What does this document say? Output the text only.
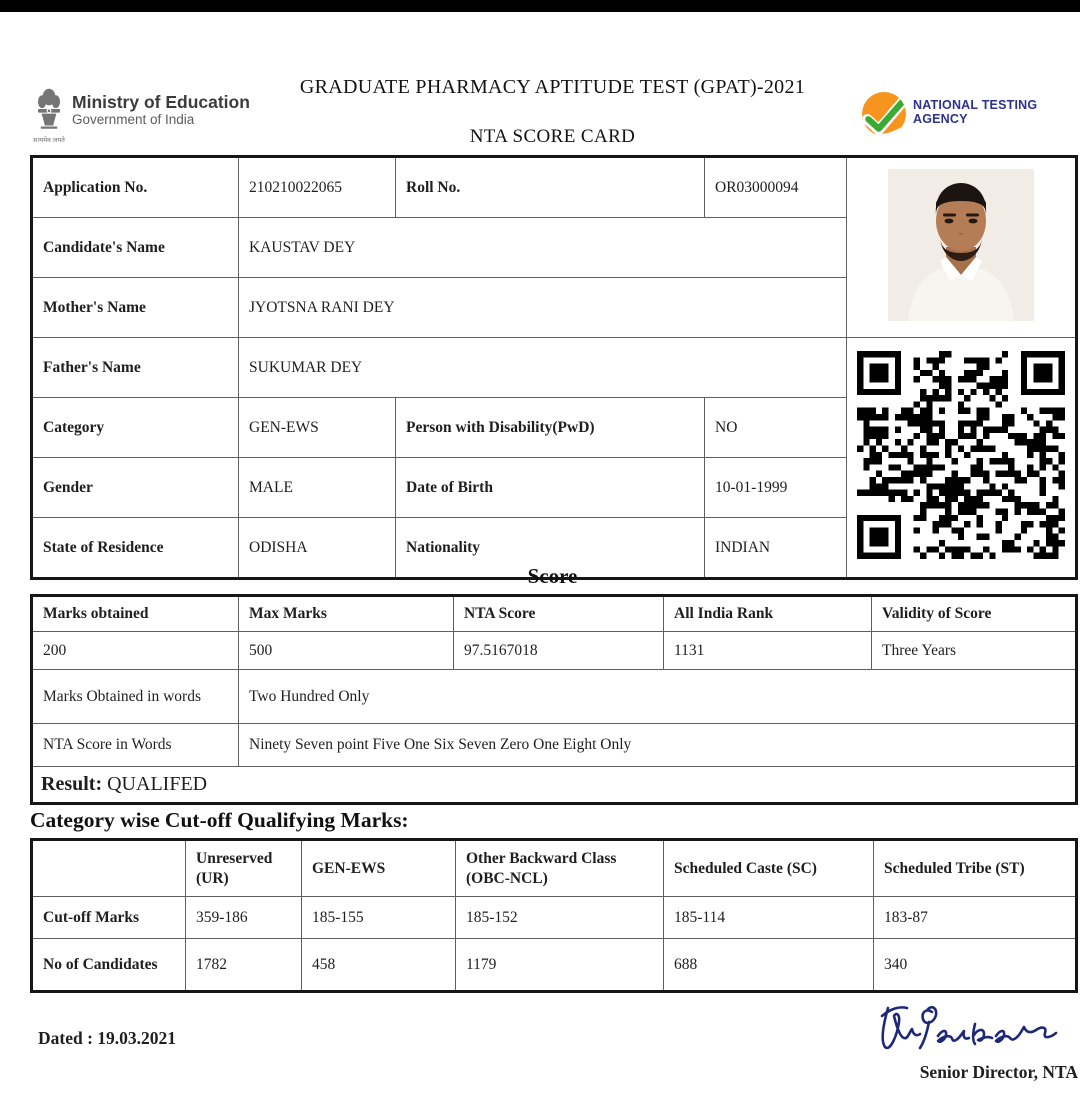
सत्यमेव जयते
Ministry of Education
Government of India
GRADUATE PHARMACY APTITUDE TEST (GPAT)-2021
NTA SCORE CARD
NATIONAL TESTING AGENCY
Excellence in Assessment
Application No.	210210022065	Roll No.	OR03000094	
Candidate's Name	KAUSTAV DEY			
Mother's Name	JYOTSNA RANI DEY			
Father's Name	SUKUMAR DEY	
Category	GEN-EWS	Person with Disability(PwD)	NO	
Gender	MALE	Date of Birth	10-01-1999	
State of Residence	ODISHA	Nationality	INDIAN	
Score
Marks obtained	Max Marks	NTA Score	All India Rank	Validity of Score
200	500	97.5167018	1131	Three Years
Marks Obtained in words	Two Hundred Only			
NTA Score in Words	Ninety Seven point Five One Six Seven Zero One Eight Only			
Result: QUALIFED				
Category wise Cut-off Qualifying Marks:
	Unreserved (UR)	GEN-EWS	Other Backward Class (OBC-NCL)	Scheduled Caste (SC)	Scheduled Tribe (ST)
Cut-off Marks	359-186	185-155	185-152	185-114	183-87
No of Candidates	1782	458	1179	688	340
Dated : 19.03.2021
Senior Director, NTA
